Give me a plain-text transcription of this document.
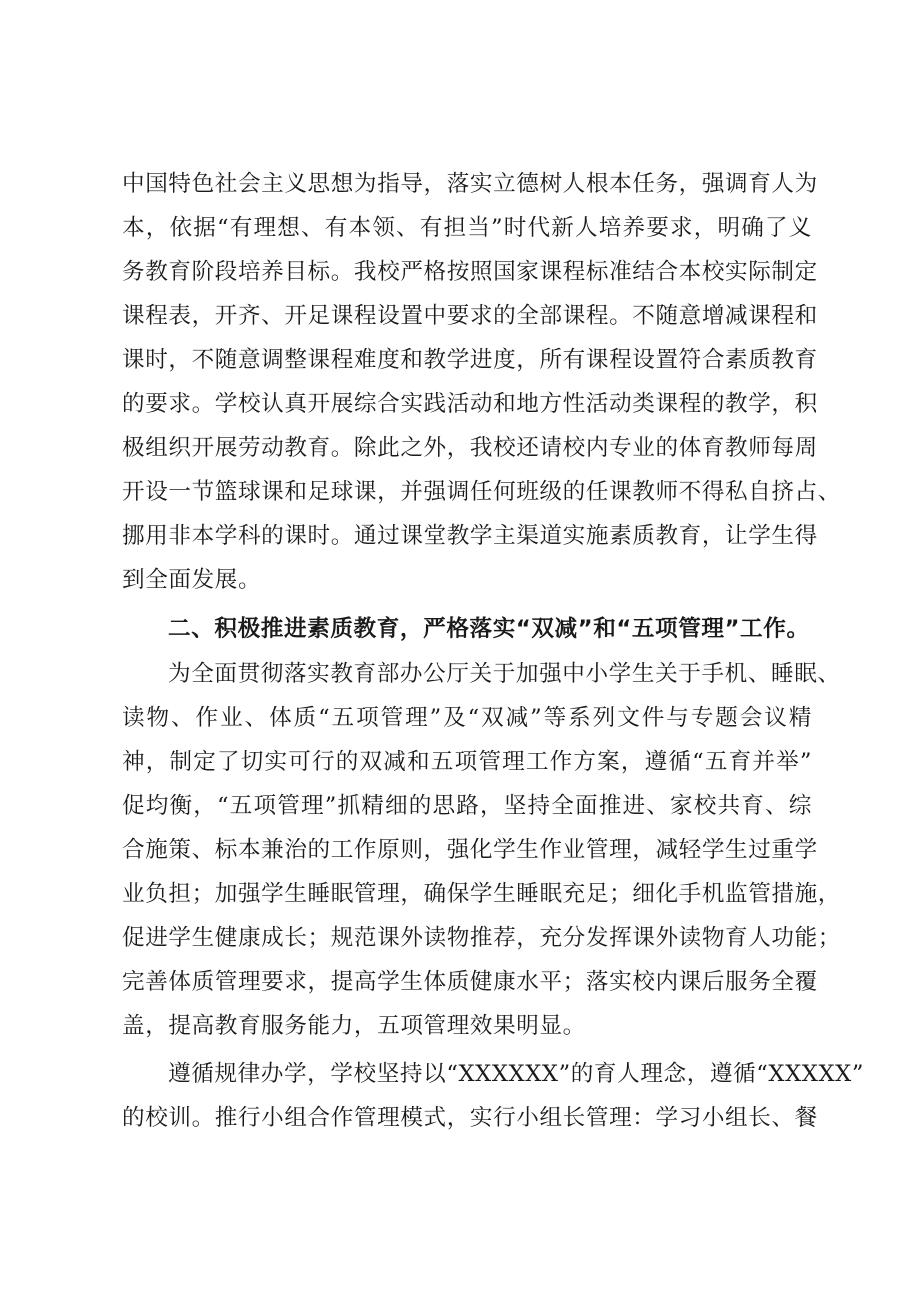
中国特色社会主义思想为指导，落实立德树人根本任务，强调育人为
本，依据“有理想、有本领、有担当”时代新人培养要求，明确了义
务教育阶段培养目标。我校严格按照国家课程标准结合本校实际制定
课程表，开齐、开足课程设置中要求的全部课程。不随意增减课程和
课时，不随意调整课程难度和教学进度，所有课程设置符合素质教育
的要求。学校认真开展综合实践活动和地方性活动类课程的教学，积
极组织开展劳动教育。除此之外，我校还请校内专业的体育教师每周
开设一节篮球课和足球课，并强调任何班级的任课教师不得私自挤占、
挪用非本学科的课时。通过课堂教学主渠道实施素质教育，让学生得
到全面发展。
二、积极推进素质教育，严格落实“双减”和“五项管理”工作。
为全面贯彻落实教育部办公厅关于加强中小学生关于手机、睡眠、
读物、作业、体质“五项管理”及“双减”等系列文件与专题会议精
神，制定了切实可行的双减和五项管理工作方案，遵循“五育并举”
促均衡，“五项管理”抓精细的思路，坚持全面推进、家校共育、综
合施策、标本兼治的工作原则，强化学生作业管理，减轻学生过重学
业负担；加强学生睡眠管理，确保学生睡眠充足；细化手机监管措施，
促进学生健康成长；规范课外读物推荐，充分发挥课外读物育人功能；
完善体质管理要求，提高学生体质健康水平；落实校内课后服务全覆
盖，提高教育服务能力，五项管理效果明显。
遵循规律办学，学校坚持以“XXXXXX”的育人理念，遵循“XXXXX”
的校训。推行小组合作管理模式，实行小组长管理：学习小组长、餐
